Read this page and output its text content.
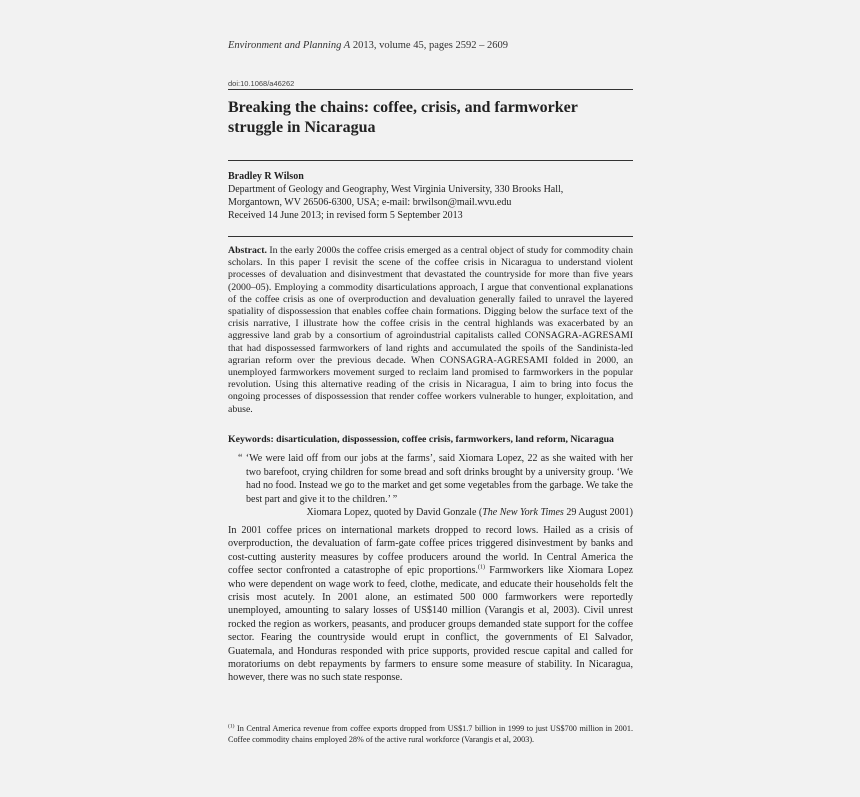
Environment and Planning A 2013, volume 45, pages 2592 – 2609
doi:10.1068/a46262
Breaking the chains: coffee, crisis, and farmworker struggle in Nicaragua
Bradley R Wilson
Department of Geology and Geography, West Virginia University, 330 Brooks Hall,
Morgantown, WV 26506-6300, USA; e-mail: brwilson@mail.wvu.edu
Received 14 June 2013; in revised form 5 September 2013
Abstract. In the early 2000s the coffee crisis emerged as a central object of study for commodity chain scholars. In this paper I revisit the scene of the coffee crisis in Nicaragua to understand violent processes of devaluation and disinvestment that devastated the countryside for more than five years (2000–05). Employing a commodity disarticulations approach, I argue that conventional explanations of the coffee crisis as one of overproduction and devaluation generally failed to unravel the layered spatiality of dispossession that enables coffee chain formations. Digging below the surface text of the crisis narrative, I illustrate how the coffee crisis in the central highlands was exacerbated by an aggressive land grab by a consortium of agroindustrial capitalists called CONSAGRA-AGRESAMI that had dispossessed farmworkers of land rights and accumulated the spoils of the Sandinista-led agrarian reform over the previous decade. When CONSAGRA-AGRESAMI folded in 2000, an unemployed farmworkers movement surged to reclaim land promised to farmworkers in the popular revolution. Using this alternative reading of the crisis in Nicaragua, I aim to bring into focus the ongoing processes of dispossession that render coffee workers vulnerable to hunger, exploitation, and abuse.
Keywords: disarticulation, dispossession, coffee crisis, farmworkers, land reform, Nicaragua
“ ‘We were laid off from our jobs at the farms’, said Xiomara Lopez, 22 as she waited with her two barefoot, crying children for some bread and soft drinks brought by a university group. ‘We had no food. Instead we go to the market and get some vegetables from the garbage. We take the best part and give it to the children.’ ”
Xiomara Lopez, quoted by David Gonzale (The New York Times 29 August 2001)
In 2001 coffee prices on international markets dropped to record lows. Hailed as a crisis of overproduction, the devaluation of farm-gate coffee prices triggered disinvestment by banks and cost-cutting austerity measures by coffee producers around the world. In Central America the coffee sector confronted a catastrophe of epic proportions.$^{(1)}$ Farmworkers like Xiomara Lopez who were dependent on wage work to feed, clothe, medicate, and educate their households felt the crisis most acutely. In 2001 alone, an estimated 500 000 farmworkers were reportedly unemployed, amounting to salary losses of US$140 million (Varangis et al, 2003). Civil unrest rocked the region as workers, peasants, and producer groups demanded state support for the coffee sector. Fearing the countryside would erupt in conflict, the governments of El Salvador, Guatemala, and Honduras responded with price supports, provided rescue capital and called for moratoriums on debt repayments by farmers to ensure some measure of stability. In Nicaragua, however, there was no such state response.
$^{(1)}$ In Central America revenue from coffee exports dropped from US$1.7 billion in 1999 to just US$700 million in 2001. Coffee commodity chains employed 28% of the active rural workforce (Varangis et al, 2003).
